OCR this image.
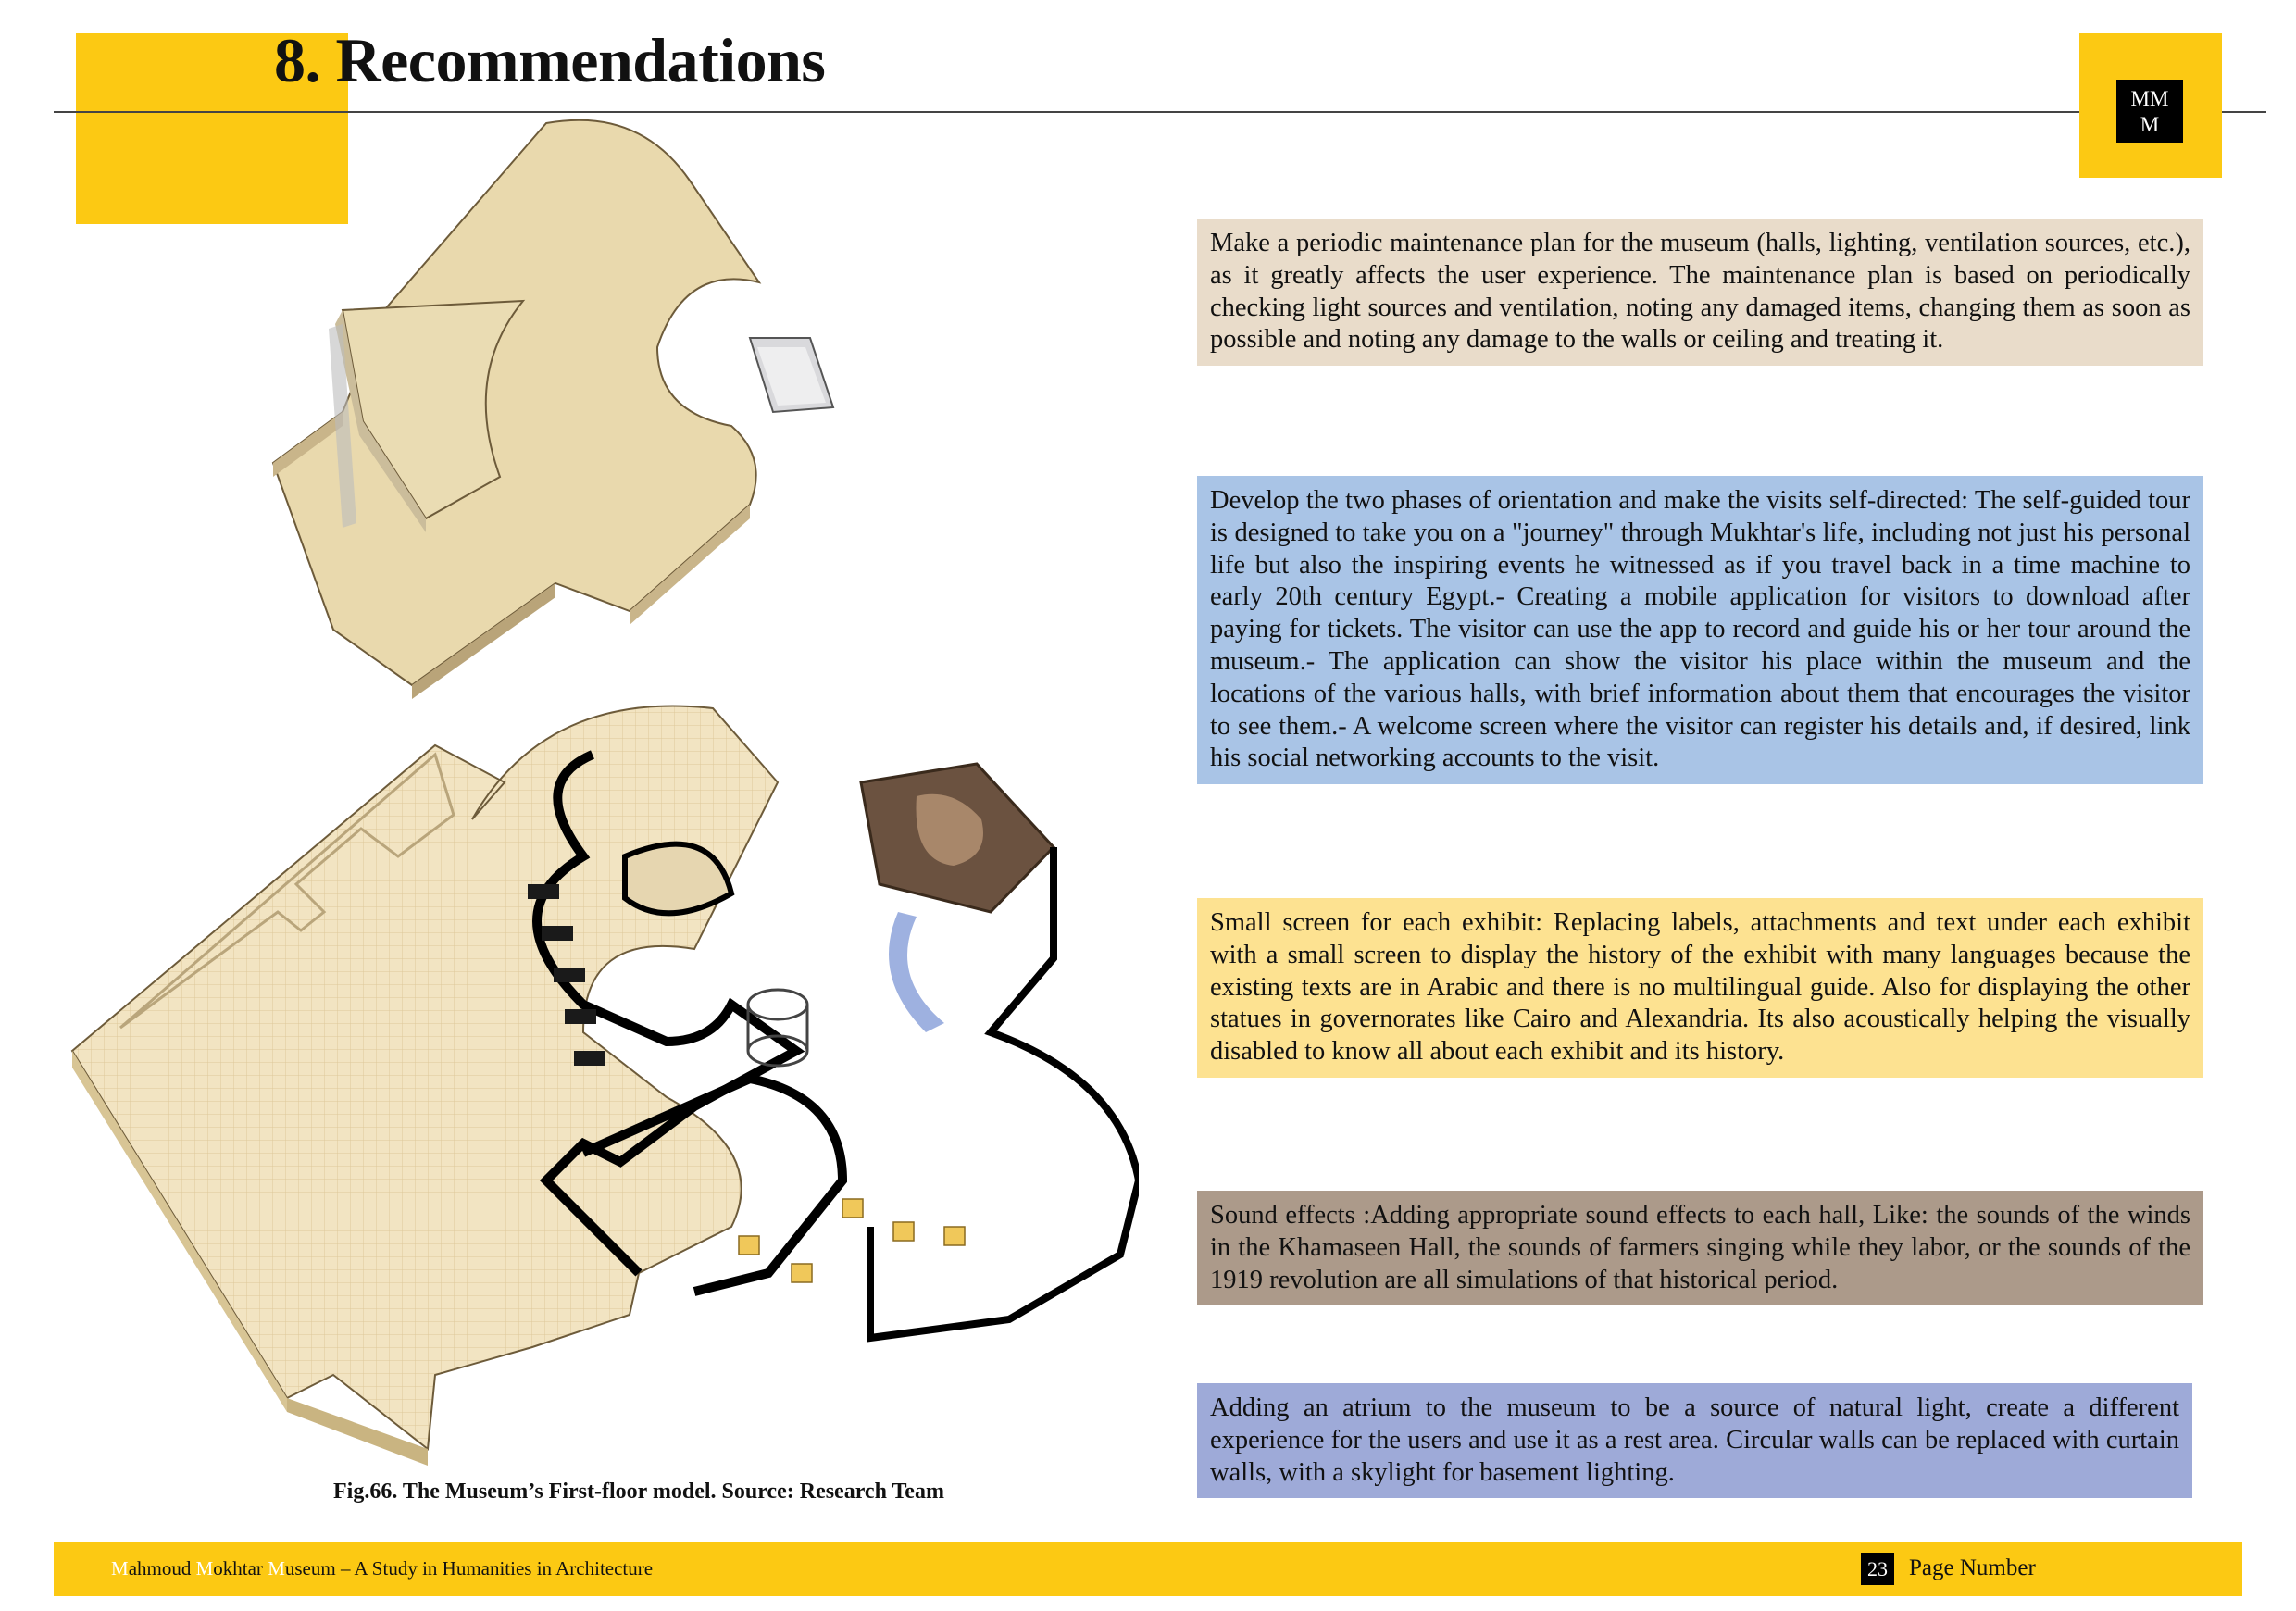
8. Recommendations
MM
M
Fig.66. The Museum’s First-floor model. Source: Research Team
Make a periodic maintenance plan for the museum (halls, lighting, ventilation sources, etc.), as it greatly affects the user experience. The maintenance plan is based on periodically checking light sources and ventilation, noting any damaged items, changing them as soon as possible and noting any damage to the walls or ceiling and treating it.
Develop the two phases of orientation and make the visits self-directed: The self-guided tour is designed to take you on a "journey" through Mukhtar's life, including not just his personal life but also the inspiring events he witnessed as if you travel back in a time machine to early 20th century Egypt.- Creating a mobile application for visitors to download after paying for tickets. The visitor can use the app to record and guide his or her tour around the museum.- The application can show the visitor his place within the museum and the locations of the various halls, with brief information about them that encourages the visitor to see them.- A welcome screen where the visitor can register his details and, if desired, link his social networking accounts to the visit.
Small screen for each exhibit: Replacing labels, attachments and text under each exhibit with a small screen to display the history of the exhibit with many languages because the existing texts are in Arabic and there is no multilingual guide. Also for displaying the other statues in governorates like Cairo and Alexandria. Its also acoustically helping the visually disabled to know all about each exhibit and its history.
Sound effects :Adding appropriate sound effects to each hall, Like: the sounds of the winds in the Khamaseen Hall, the sounds of farmers singing while they labor, or the sounds of the 1919 revolution are all simulations of that historical period.
Adding an atrium to the museum to be a source of natural light, create a different experience for the users and use it as a rest area. Circular walls can be replaced with curtain walls, with a skylight for basement lighting.
Mahmoud Mokhtar Museum – A Study in Humanities in Architecture	23 Page Number
